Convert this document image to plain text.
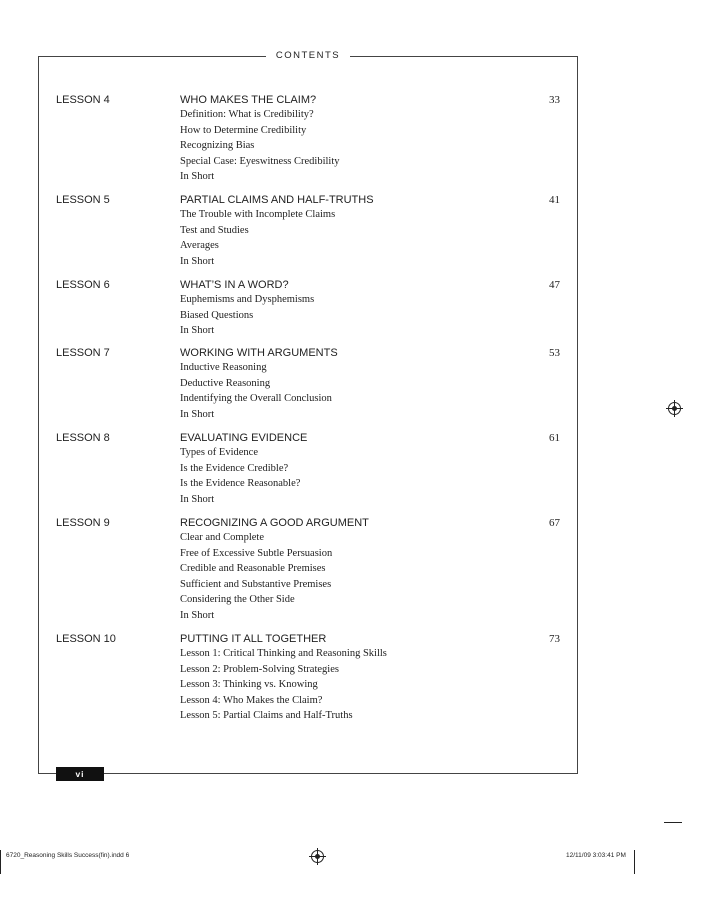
CONTENTS
LESSON 4	WHO MAKES THE CLAIM?	33
Definition: What is Credibility?
How to Determine Credibility
Recognizing Bias
Special Case: Eyeswitness Credibility
In Short
LESSON 5	PARTIAL CLAIMS AND HALF-TRUTHS	41
The Trouble with Incomplete Claims
Test and Studies
Averages
In Short
LESSON 6	WHAT’S IN A WORD?	47
Euphemisms and Dysphemisms
Biased Questions
In Short
LESSON 7	WORKING WITH ARGUMENTS	53
Inductive Reasoning
Deductive Reasoning
Indentifying the Overall Conclusion
In Short
LESSON 8	EVALUATING EVIDENCE	61
Types of Evidence
Is the Evidence Credible?
Is the Evidence Reasonable?
In Short
LESSON 9	RECOGNIZING A GOOD ARGUMENT	67
Clear and Complete
Free of Excessive Subtle Persuasion
Credible and Reasonable Premises
Sufficient and Substantive Premises
Considering the Other Side
In Short
LESSON 10	PUTTING IT ALL TOGETHER	73
Lesson 1: Critical Thinking and Reasoning Skills
Lesson 2: Problem-Solving Strategies
Lesson 3: Thinking vs. Knowing
Lesson 4: Who Makes the Claim?
Lesson 5: Partial Claims and Half-Truths
vi
6720_Reasoning Skills Success(fin).indd 6	12/11/09 3:03:41 PM
